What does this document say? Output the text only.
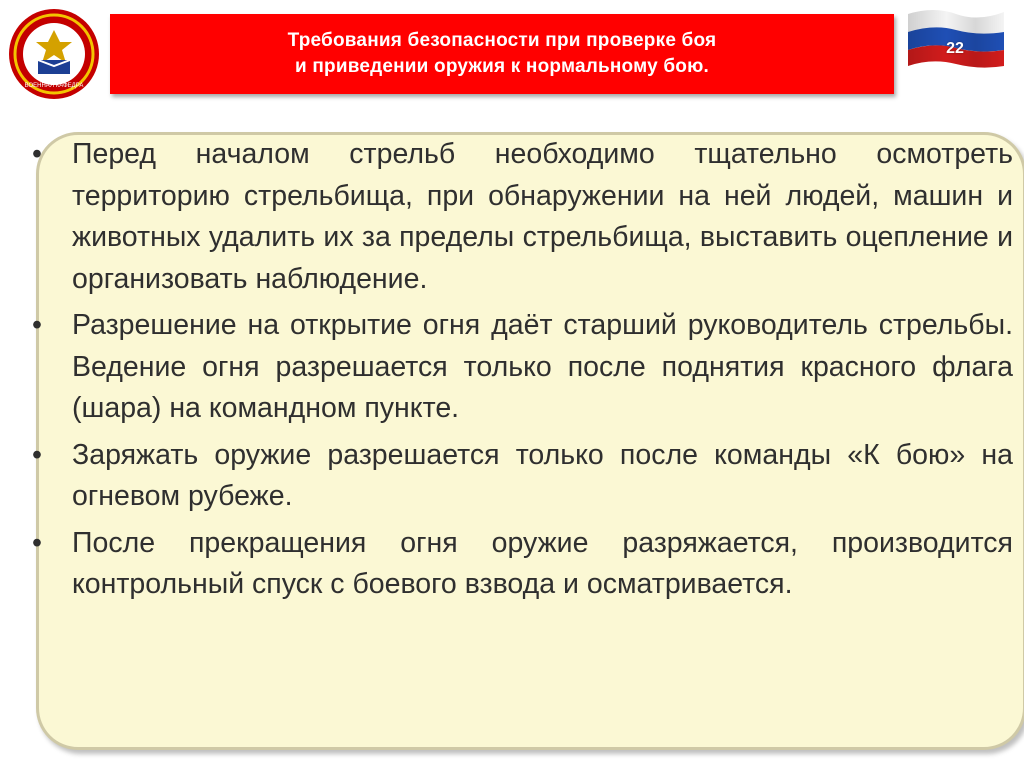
ВОЕННАЯ КАФЕДРА
Требования безопасности при проверке боя
и приведении оружия к нормальному бою.
22
•	Перед началом стрельб необходимо тщательно осмотреть территорию стрельбища, при обнаружении на ней людей, машин и животных удалить их за пределы стрельбища, выставить оцепление и организовать наблюдение.
•	Разрешение на открытие огня даёт старший руководитель стрельбы. Ведение огня разрешается только после поднятия красного флага (шара) на командном пункте.
•	Заряжать оружие разрешается только после команды «К бою» на огневом рубеже.
•	После прекращения огня оружие разряжается, производится контрольный спуск с боевого взвода и осматривается.
